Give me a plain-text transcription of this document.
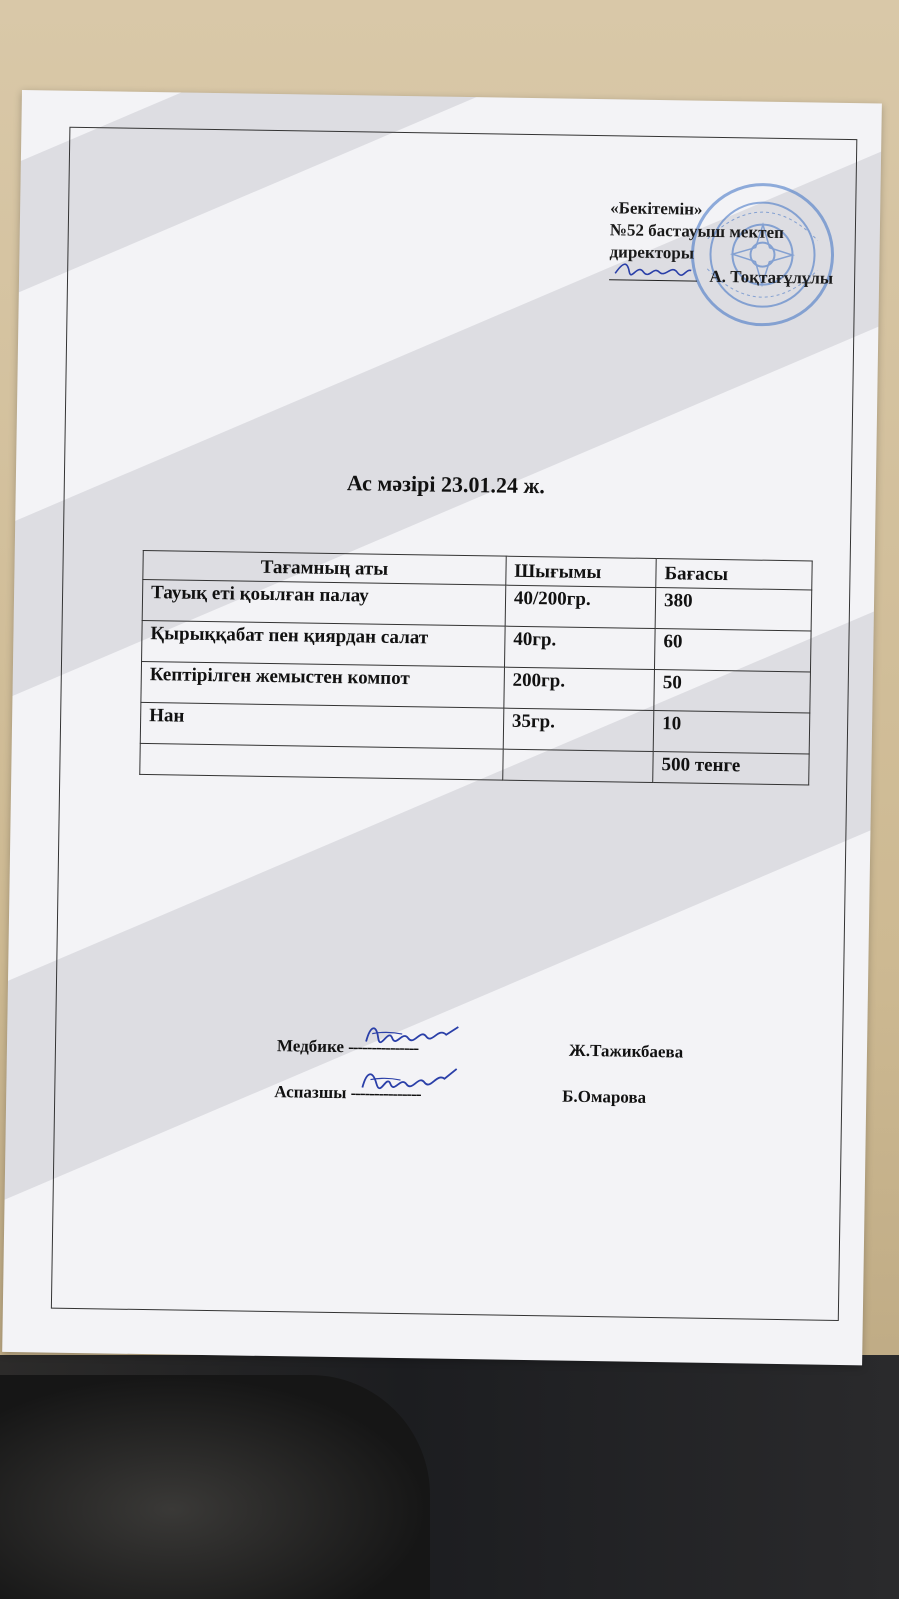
«Бекітемін»
№52 бастауыш мектеп
директоры
А. Тоқтағұлұлы
Ас мәзірі 23.01.24 ж.
Тағамның аты	Шығымы	Бағасы
Тауық еті қоылған палау	40/200гр.	380
Қырыққабат пен қиярдан салат	40гр.	60
Кептірілген жемыстен компот	200гр.	50
Нан	35гр.	10
		500 тенге
Медбике ---------------	Ж.Тажикбаева
Аспазшы ---------------	Б.Омарова
